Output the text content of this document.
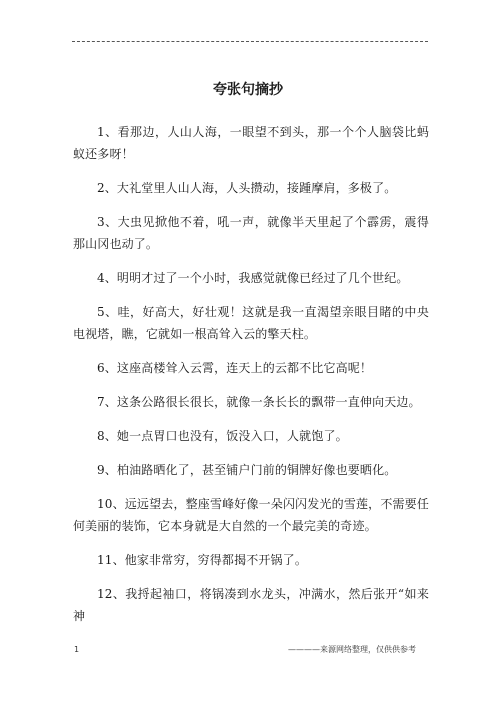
夸张句摘抄

1、看那边，人山人海，一眼望不到头，那一个个人脑袋比蚂蚁还多呀！

2、大礼堂里人山人海，人头攒动，接踵摩肩，多极了。

3、大虫见掀他不着，吼一声，就像半天里起了个霹雳，震得那山冈也动了。

4、明明才过了一个小时，我感觉就像已经过了几个世纪。

5、哇，好高大，好壮观！这就是我一直渴望亲眼目睹的中央电视塔，瞧，它就如一根高耸入云的擎天柱。

6、这座高楼耸入云霄，连天上的云都不比它高呢！

7、这条公路很长很长，就像一条长长的飘带一直伸向天边。

8、她一点胃口也没有，饭没入口，人就饱了。

9、柏油路晒化了，甚至铺户门前的铜牌好像也要晒化。

10、远远望去，整座雪峰好像一朵闪闪发光的雪莲，不需要任何美丽的装饰，它本身就是大自然的一个最完美的奇迹。

11、他家非常穷，穷得都揭不开锅了。

12、我捋起袖口，将锅凑到水龙头，冲满水，然后张开“如来神

1	————来源网络整理，仅供供参考
